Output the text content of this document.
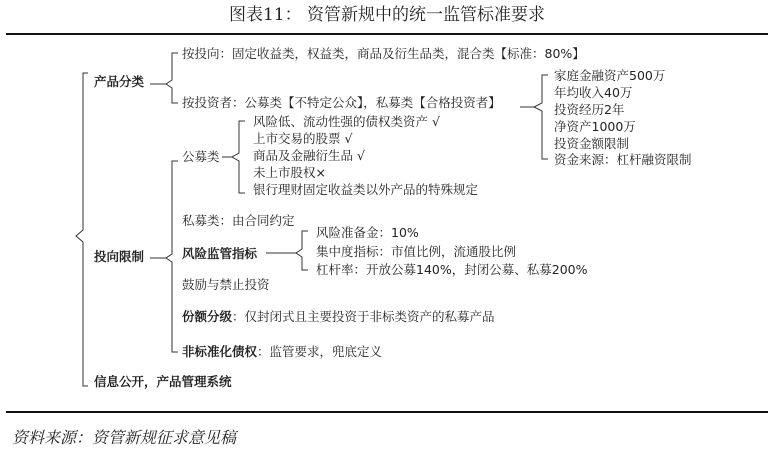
图表11： 资管新规中的统一监管标准要求
产品分类
按投向：固定收益类，权益类，商品及衍生品类，混合类【标准：80%】
按投资者：公募类【不特定公众】，私募类【合格投资者】
家庭金融资产500万
年均收入40万
投资经历2年
净资产1000万
投资金额限制
资金来源：杠杆融资限制
投向限制
公募类
风险低、流动性强的债权类资产 √
上市交易的股票 √
商品及金融衍生品 √
未上市股权×
银行理财固定收益类以外产品的特殊规定
私募类：由合同约定
风险监管指标
风险准备金：10%
集中度指标：市值比例，流通股比例
杠杆率：开放公募140%，封闭公募、私募200%
鼓励与禁止投资
份额分级：仅封闭式且主要投资于非标类资产的私募产品
非标准化债权：监管要求，兜底定义
信息公开，产品管理系统
资料来源：资管新规征求意见稿
